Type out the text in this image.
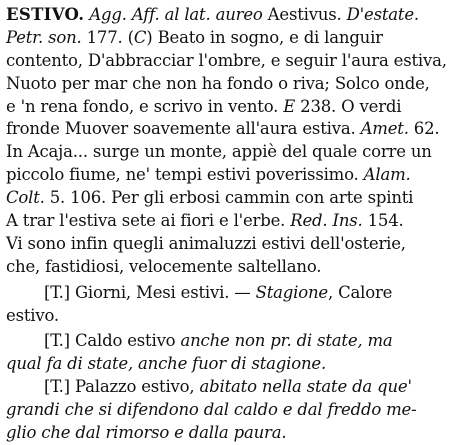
ESTIVO. Agg. Aff. al lat. aureo Aestivus. D'estate.
Petr. son. 177. (C) Beato in sogno, e di languir
contento, D'abbracciar l'ombre, e seguir l'aura estiva,
Nuoto per mar che non ha fondo o riva; Solco onde,
e 'n rena fondo, e scrivo in vento. E 238. O verdi
fronde Muover soavemente all'aura estiva. Amet. 62.
In Acaja... surge un monte, appiè del quale corre un
piccolo fiume, ne' tempi estivi poverissimo. Alam.
Colt. 5. 106. Per gli erbosi cammin con arte spinti
A trar l'estiva sete ai fiori e l'erbe. Red. Ins. 154.
Vi sono infin quegli animaluzzi estivi dell'osterie,
che, fastidiosi, velocemente saltellano.
[T.] Giorni, Mesi estivi. — Stagione, Calore
estivo.
[T.] Caldo estivo anche non pr. di state, ma
qual fa di state, anche fuor di stagione.
[T.] Palazzo estivo, abitato nella state da que'
grandi che si difendono dal caldo e dal freddo me-
glio che dal rimorso e dalla paura.
